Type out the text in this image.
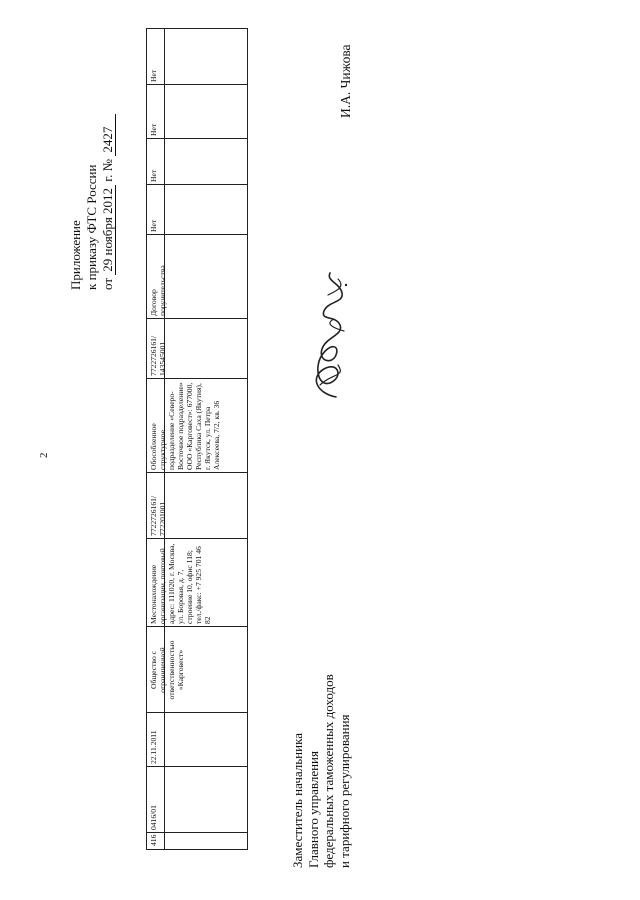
2
Приложение к приказу ФТС России от 29 ноября 2012 г. № 2427
416
0416/01
22.11.2011
Общество с ограниченной ответственностью «Карговест»
Местонахождение организации, почтовый адрес: 111020, г. Москва, ул. Боровая, д. 7, строение 10, офис 118; тел./факс: +7 925 701 46 82
7722726161/ 772201001
Обособленное структурное подразделение «Северо-Восточное подразделение» ООО «Карговест»: 677000, Республика Саха (Якутия), г. Якутск, ул. Петра Алексеева, 7/2, кв. 36
7722726161/ 143545001
Договор поручительства
Нет
Нет
Нет
Нет
Заместитель начальника Главного управления федеральных таможенных доходов и тарифного регулирования
И.А. Чижова
